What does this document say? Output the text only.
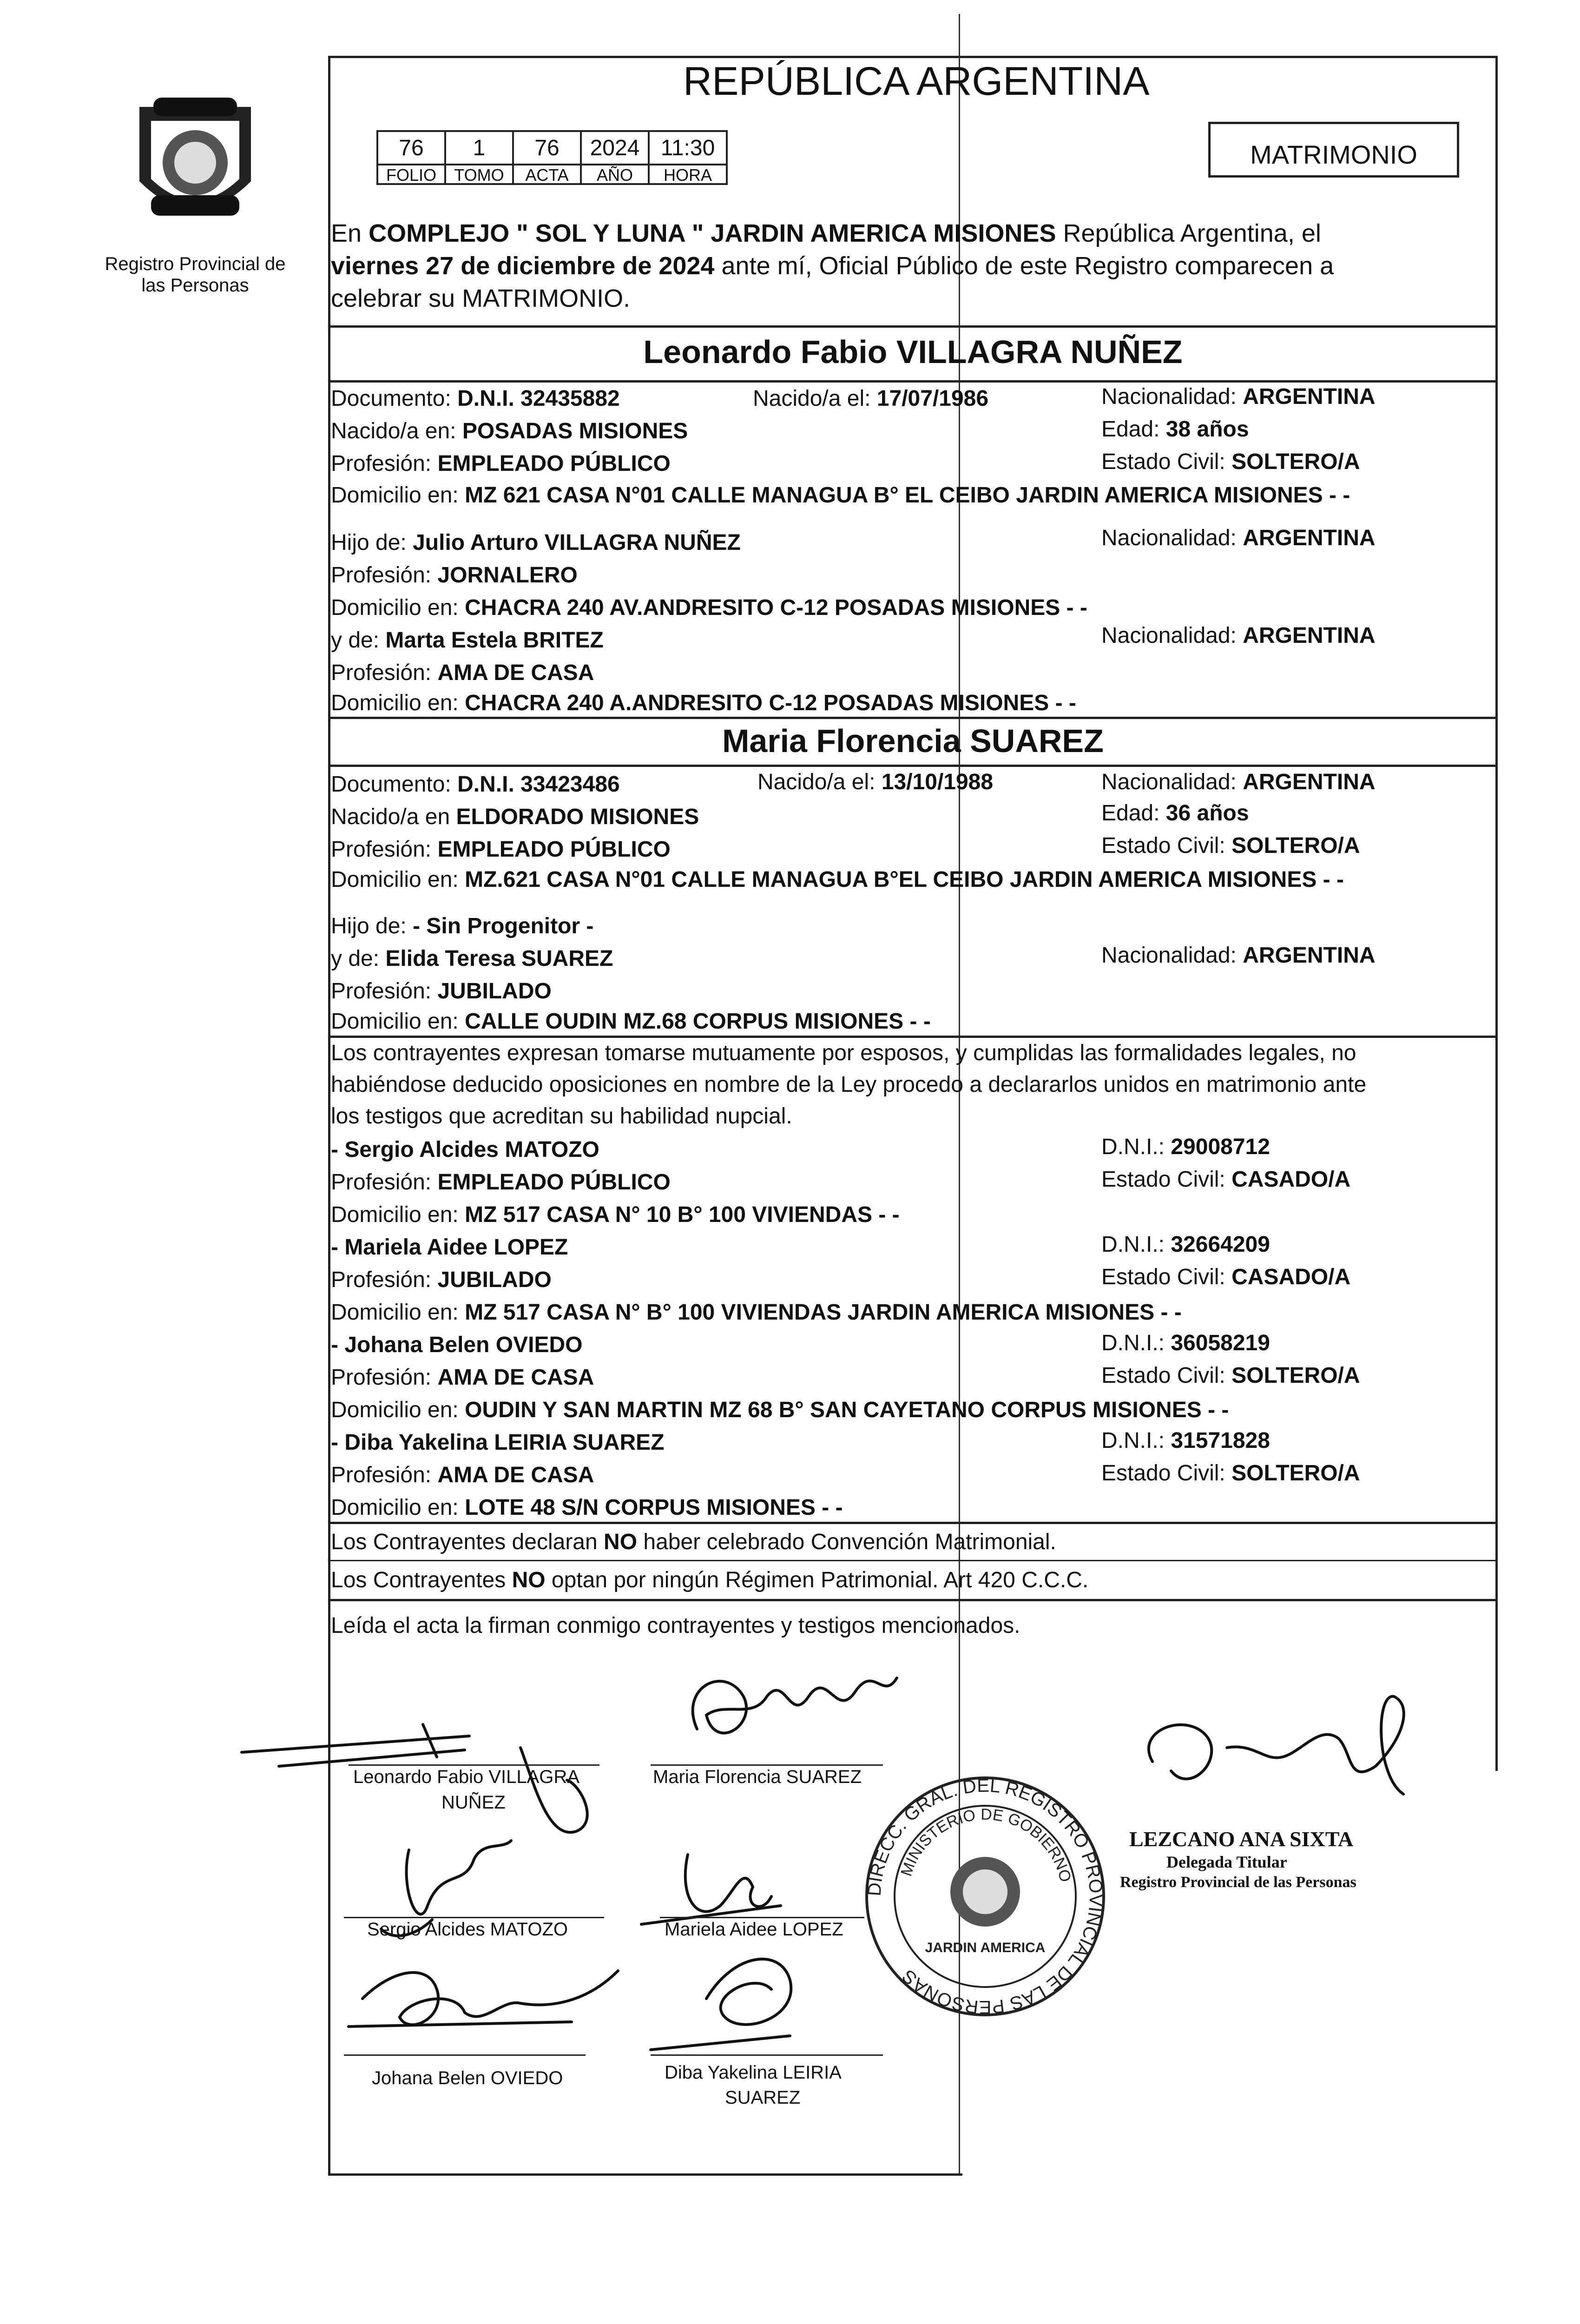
Registro Provincial de las Personas
REPÚBLICA ARGENTINA
76	1	76	2024 11:30
FOLIO	TOMO	ACTA	AÑO	HORA
MATRIMONIO
En COMPLEJO " SOL Y LUNA " JARDIN AMERICA MISIONES República Argentina, el
viernes 27 de diciembre de 2024 ante mí, Oficial Público de este Registro comparecen a
celebrar su MATRIMONIO.
Leonardo Fabio VILLAGRA NUÑEZ
Documento: D.N.I. 32435882	Nacido/a el: 17/07/1986	Nacionalidad: ARGENTINA
Nacido/a en: POSADAS MISIONES	Edad: 38 años
Profesión: EMPLEADO PÚBLICO	Estado Civil: SOLTERO/A
Domicilio en: MZ 621 CASA N°01 CALLE MANAGUA B° EL CEIBO JARDIN AMERICA MISIONES - -
Hijo de: Julio Arturo VILLAGRA NUÑEZ	Nacionalidad: ARGENTINA
Profesión: JORNALERO
Domicilio en: CHACRA 240 AV.ANDRESITO C-12 POSADAS MISIONES - -
y de: Marta Estela BRITEZ	Nacionalidad: ARGENTINA
Profesión: AMA DE CASA
Domicilio en: CHACRA 240 A.ANDRESITO C-12 POSADAS MISIONES - -
Maria Florencia SUAREZ
Documento: D.N.I. 33423486	Nacido/a el: 13/10/1988	Nacionalidad: ARGENTINA
Nacido/a en ELDORADO MISIONES	Edad: 36 años
Profesión: EMPLEADO PÚBLICO	Estado Civil: SOLTERO/A
Domicilio en: MZ.621 CASA N°01 CALLE MANAGUA B°EL CEIBO JARDIN AMERICA MISIONES - -
Hijo de: - Sin Progenitor -
y de: Elida Teresa SUAREZ	Nacionalidad: ARGENTINA
Profesión: JUBILADO
Domicilio en: CALLE OUDIN MZ.68 CORPUS MISIONES - -
Los contrayentes expresan tomarse mutuamente por esposos, y cumplidas las formalidades legales, no
habiéndose deducido oposiciones en nombre de la Ley procedo a declararlos unidos en matrimonio ante
los testigos que acreditan su habilidad nupcial.
- Sergio Alcides MATOZO	D.N.I.: 29008712
Profesión: EMPLEADO PÚBLICO	Estado Civil: CASADO/A
Domicilio en: MZ 517 CASA N° 10 B° 100 VIVIENDAS - -
- Mariela Aidee LOPEZ	D.N.I.: 32664209
Profesión: JUBILADO	Estado Civil: CASADO/A
Domicilio en: MZ 517 CASA N° B° 100 VIVIENDAS JARDIN AMERICA MISIONES - -
- Johana Belen OVIEDO	D.N.I.: 36058219
Profesión: AMA DE CASA	Estado Civil: SOLTERO/A
Domicilio en: OUDIN Y SAN MARTIN MZ 68 B° SAN CAYETANO CORPUS MISIONES - -
- Diba Yakelina LEIRIA SUAREZ	D.N.I.: 31571828
Profesión: AMA DE CASA	Estado Civil: SOLTERO/A
Domicilio en: LOTE 48 S/N CORPUS MISIONES - -
Los Contrayentes declaran NO haber celebrado Convención Matrimonial.
Los Contrayentes NO optan por ningún Régimen Patrimonial. Art 420 C.C.C.
Leída el acta la firman conmigo contrayentes y testigos mencionados.
Leonardo Fabio VILLAGRA
NUÑEZ
Maria Florencia SUAREZ
Sergio Alcides MATOZO	Mariela Aidee LOPEZ
Johana Belen OVIEDO	Diba Yakelina LEIRIA
SUAREZ
DIRECC. GRAL. DEL REGISTRO PROVINCIAL DE LAS PERSONAS
MINISTERIO DE GOBIERNO
JARDIN AMERICA
LEZCANO ANA SIXTA
Delegada Titular
Registro Provincial de las Personas
